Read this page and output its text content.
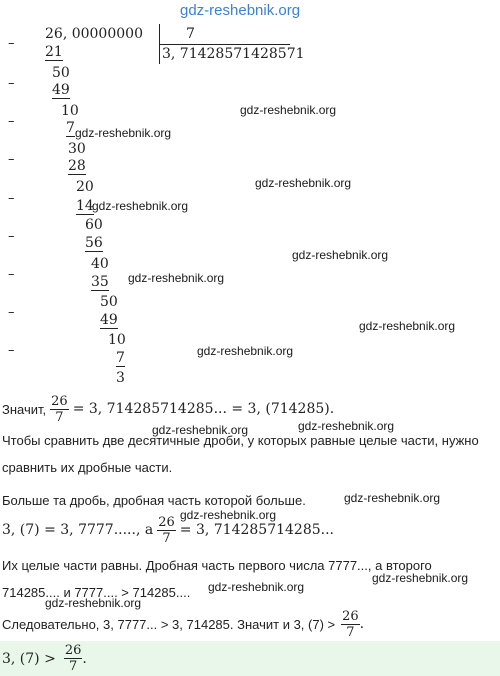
gdz-reshebnik.org
–
26, 00000000	7
3, 71428571428571
21
50
–	49
10
–	7
30
–	28
20
–	14
60
–	56
40
–	35
50
–	49
10
–	7
3
gdz-reshebnik.org
gdz-reshebnik.org
gdz-reshebnik.org
gdz-reshebnik.org
gdz-reshebnik.org
gdz-reshebnik.org
gdz-reshebnik.org
gdz-reshebnik.org
Значит, $\frac{26}{7} = 3$, 714285714285... = 3, (714285).
gdz-reshebnik.org	gdz-reshebnik.org
Чтобы сравнить две десятичные дроби, у которых равные целые части, нужно
сравнить их дробные части.
Больше та дробь, дробная часть которой больше.	gdz-reshebnik.org
gdz-reshebnik.org
3, (7) = 3, 7777....., а $\frac{26}{7} = 3$, 714285714285...
Их целые части равны. Дробная часть первого числа 7777..., а второго
gdz-reshebnik.org
714285.... и 7777.... > 714285.... gdz-reshebnik.org
gdz-reshebnik.org
Следовательно, 3, 7777... > 3, 714285. Значит и 3, $(7) > \frac{26}{7}$ .
3, $(7) > \frac{26}{7}$ .
